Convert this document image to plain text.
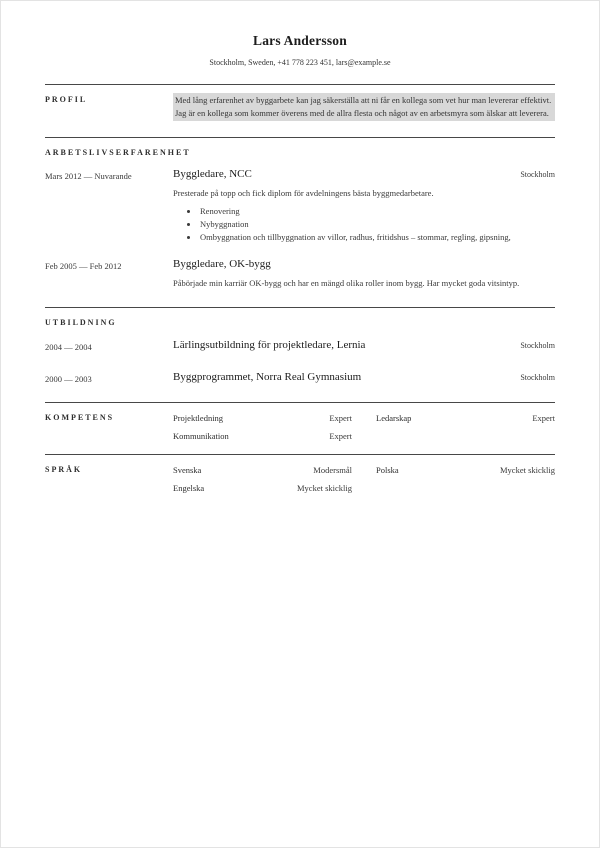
Lars Andersson
Stockholm, Sweden, +41 778 223 451, lars@example.se
PROFIL	Med lång erfarenhet av byggarbete kan jag säkerställa att ni får en kollega som vet hur man levererar effektivt. Jag är en kollega som kommer överens med de allra flesta och något av en arbetsmyra som älskar att leverera.

ARBETSLIVSERFARENHET
Mars 2012 — Nuvarande	Byggledare, NCC	Stockholm
Presterade på topp och fick diplom för avdelningens bästa byggmedarbetare.
• Renovering
• Nybyggnation
• Ombyggnation och tillbyggnation av villor, radhus, fritidshus – stommar, regling, gipsning,
Feb 2005 — Feb 2012	Byggledare, OK-bygg
Påbörjade min karriär OK-bygg och har en mängd olika roller inom bygg. Har mycket goda vitsintyp.
UTBILDNING
2004 — 2004	Lärlingsutbildning för projektledare, Lernia	Stockholm
2000 — 2003	Byggprogrammet, Norra Real Gymnasium	Stockholm
KOMPETENS	Projektledning	Expert	Ledarskap	Expert
Kommunikation	Expert
SPRÅK	Svenska	Modersmål	Polska	Mycket skicklig
Engelska	Mycket skicklig
